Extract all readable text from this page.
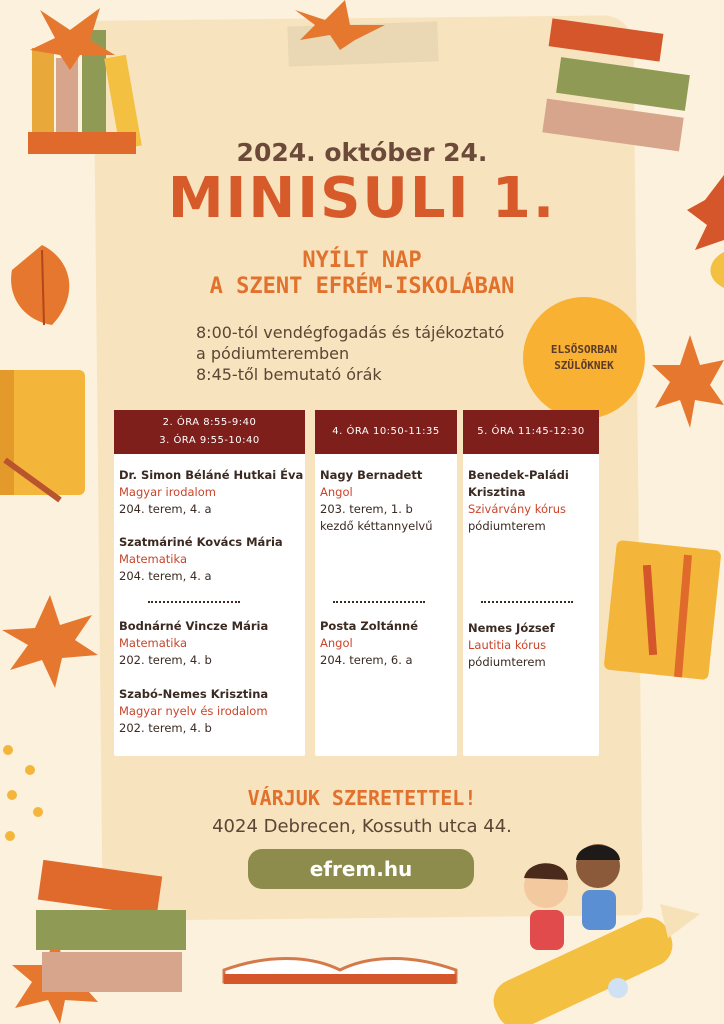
2024. október 24.
MINISULI 1.
NYÍLT NAP
A SZENT EFRÉM-ISKOLÁBAN
8:00-tól vendégfogadás és tájékoztató
a pódiumteremben
8:45-től bemutató órák
ELSŐSORBAN
SZÜLŐKNEK
2. ÓRA 8:55-9:40
3. ÓRA 9:55-10:40
Dr. Simon Béláné Hutkai Éva
Magyar irodalom
204. terem, 4. a
Szatmáriné Kovács Mária
Matematika
204. terem, 4. a
Bodnárné Vincze Mária
Matematika
202. terem, 4. b
Szabó-Nemes Krisztina
Magyar nyelv és irodalom
202. terem, 4. b
4. ÓRA 10:50-11:35
Nagy Bernadett
Angol
203. terem, 1. b
kezdő kéttannyelvű
Posta Zoltánné
Angol
204. terem, 6. a
5. ÓRA 11:45-12:30
Benedek-Paládi
Krisztina
Szivárvány kórus
pódiumterem
Nemes József
Lautitia kórus
pódiumterem
VÁRJUK SZERETETTEL!
4024 Debrecen, Kossuth utca 44.
efrem.hu
